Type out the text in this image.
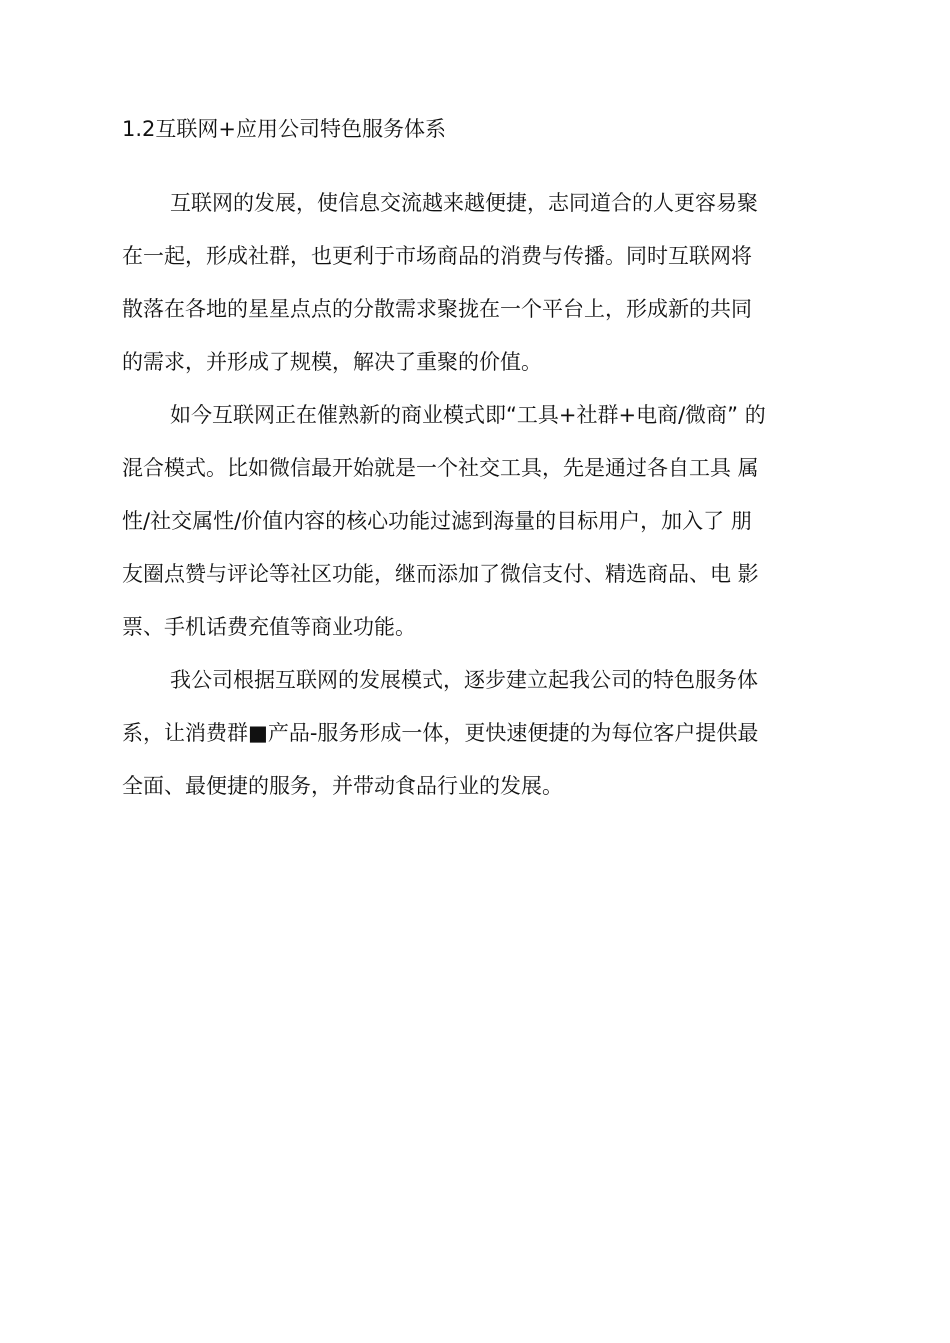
1.2互联网+应用公司特色服务体系
互联网的发展，使信息交流越来越便捷，志同道合的人更容易聚
在一起，形成社群，也更利于市场商品的消费与传播。同时互联网将
散落在各地的星星点点的分散需求聚拢在一个平台上，形成新的共同
的需求，并形成了规模，解决了重聚的价值。
如今互联网正在催熟新的商业模式即“工具+社群+电商/微商” 的
混合模式。比如微信最开始就是一个社交工具，先是通过各自工具 属
性/社交属性/价值内容的核心功能过滤到海量的目标用户，加入了 朋
友圈点赞与评论等社区功能，继而添加了微信支付、精选商品、电 影
票、手机话费充值等商业功能。
我公司根据互联网的发展模式，逐步建立起我公司的特色服务体
系，让消费群■产品-服务形成一体，更快速便捷的为每位客户提供最
全面、最便捷的服务，并带动食品行业的发展。
